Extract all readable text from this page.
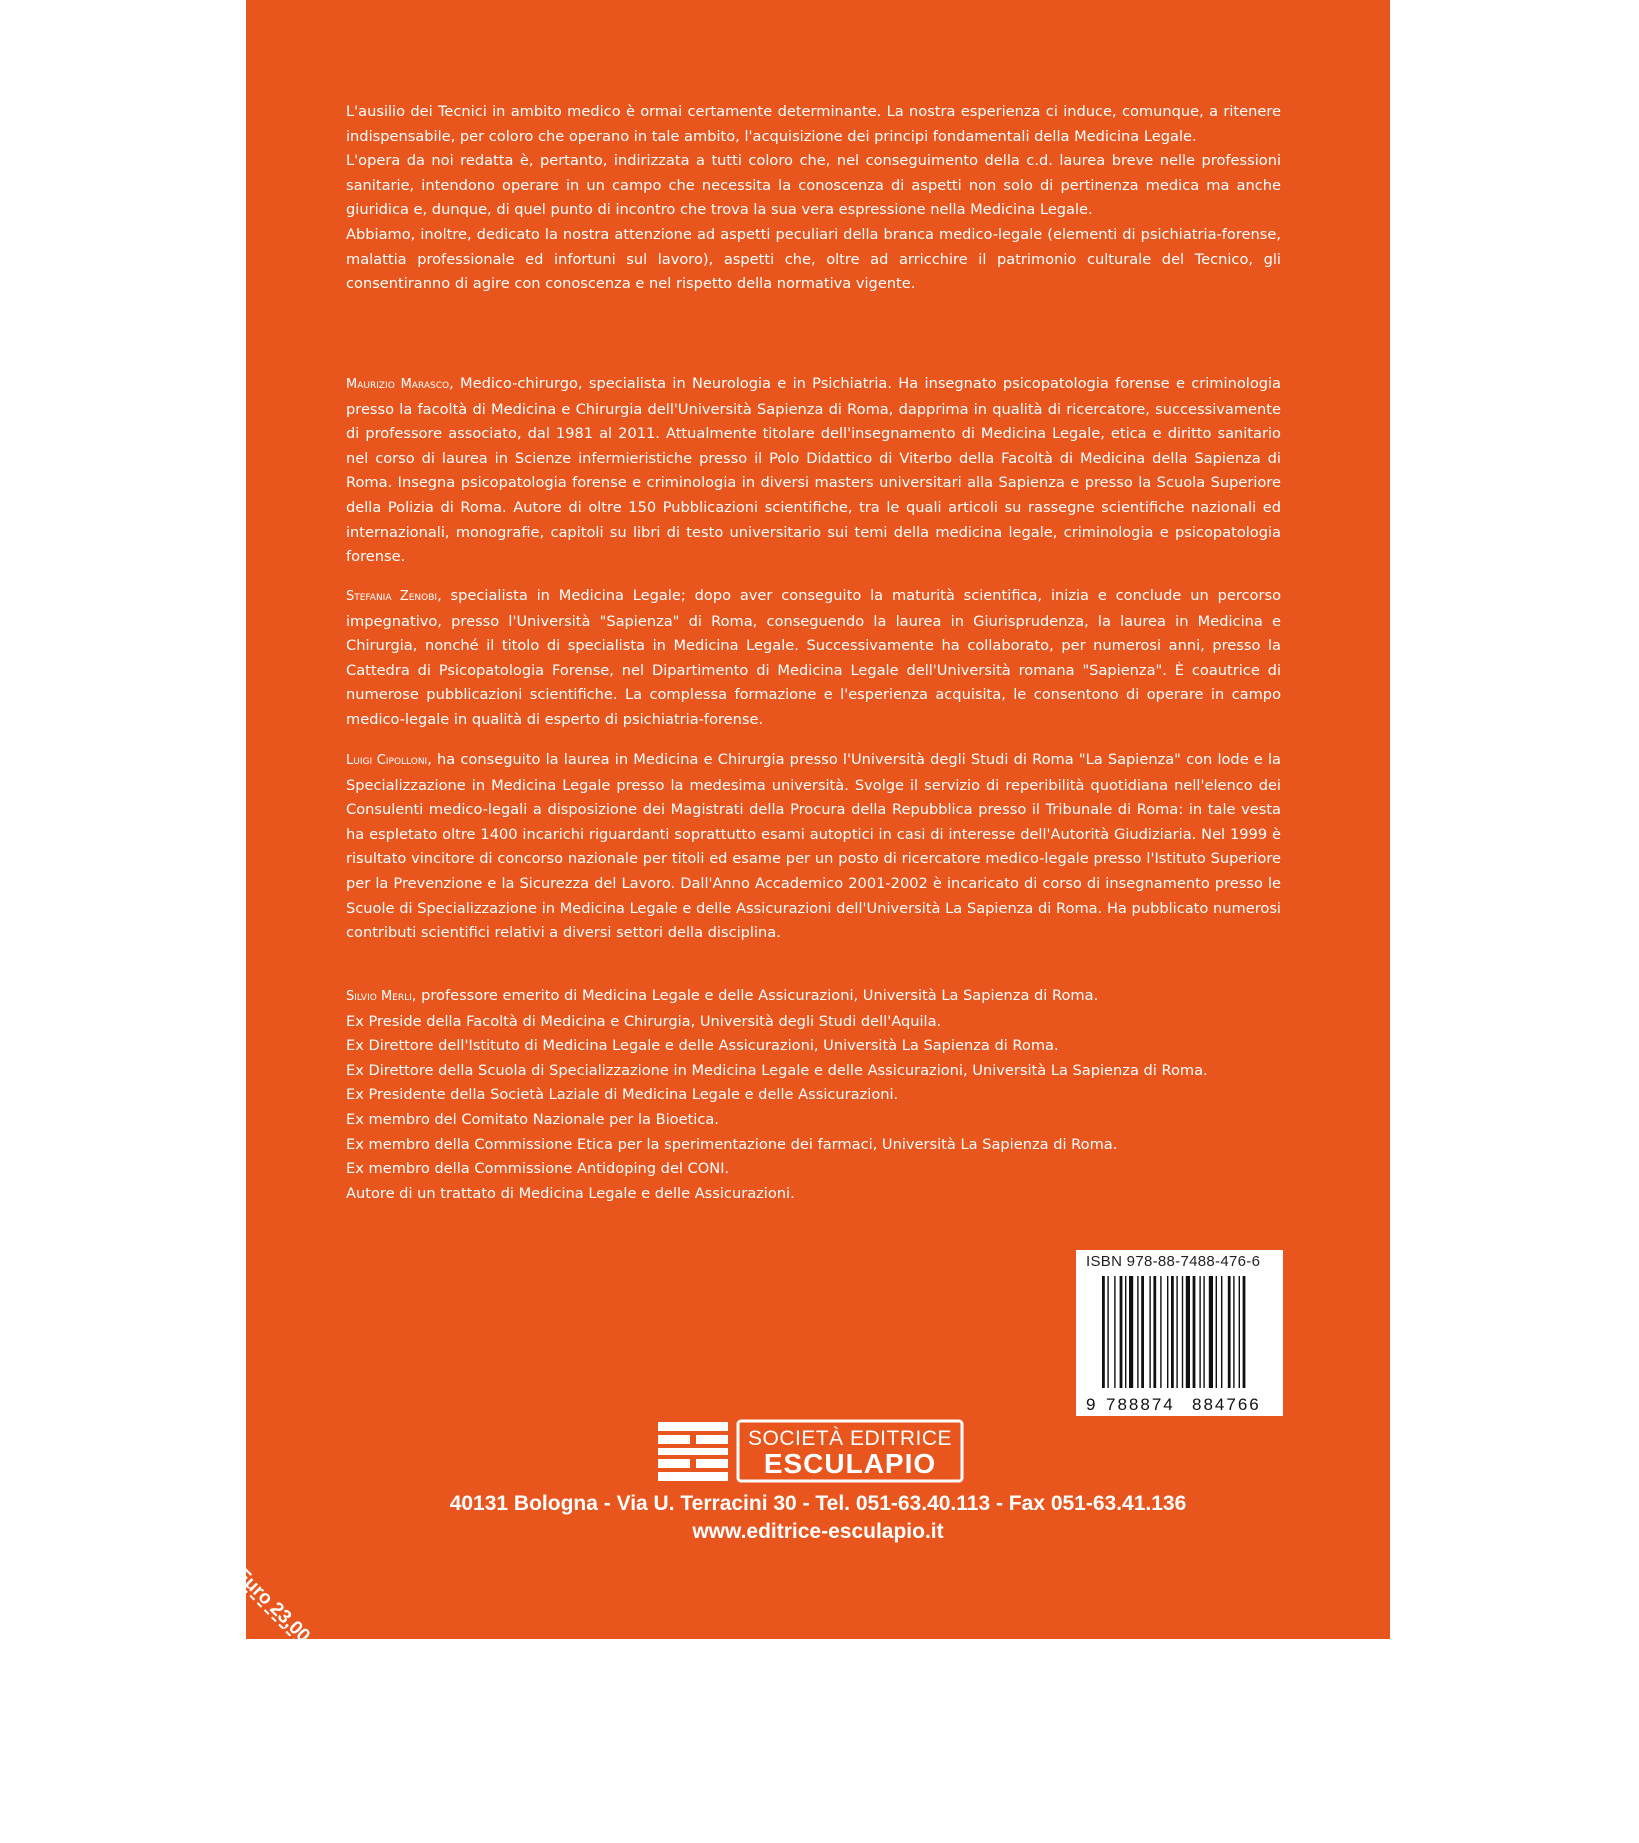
L'ausilio dei Tecnici in ambito medico è ormai certamente determinante. La nostra esperienza ci induce, comunque, a ritenere indispensabile, per coloro che operano in tale ambito, l'acquisizione dei principi fondamentali della Medicina Legale.

L'opera da noi redatta è, pertanto, indirizzata a tutti coloro che, nel conseguimento della c.d. laurea breve nelle professioni sanitarie, intendono operare in un campo che necessita la conoscenza di aspetti non solo di pertinenza medica ma anche giuridica e, dunque, di quel punto di incontro che trova la sua vera espressione nella Medicina Legale.

Abbiamo, inoltre, dedicato la nostra attenzione ad aspetti peculiari della branca medico-legale (elementi di psichiatria-forense, malattia professionale ed infortuni sul lavoro), aspetti che, oltre ad arricchire il patrimonio culturale del Tecnico, gli consentiranno di agire con conoscenza e nel rispetto della normativa vigente.

Maurizio Marasco, Medico-chirurgo, specialista in Neurologia e in Psichiatria. Ha insegnato psicopatologia forense e criminologia presso la facoltà di Medicina e Chirurgia dell'Università Sapienza di Roma, dapprima in qualità di ricercatore, successivamente di professore associato, dal 1981 al 2011. Attualmente titolare dell'insegnamento di Medicina Legale, etica e diritto sanitario nel corso di laurea in Scienze infermieristiche presso il Polo Didattico di Viterbo della Facoltà di Medicina della Sapienza di Roma. Insegna psicopatologia forense e criminologia in diversi masters universitari alla Sapienza e presso la Scuola Superiore della Polizia di Roma. Autore di oltre 150 Pubblicazioni scientifiche, tra le quali articoli su rassegne scientifiche nazionali ed internazionali, monografie, capitoli su libri di testo universitario sui temi della medicina legale, criminologia e psicopatologia forense.

Stefania Zenobi, specialista in Medicina Legale; dopo aver conseguito la maturità scientifica, inizia e conclude un percorso impegnativo, presso l'Università "Sapienza" di Roma, conseguendo la laurea in Giurisprudenza, la laurea in Medicina e Chirurgia, nonché il titolo di specialista in Medicina Legale. Successivamente ha collaborato, per numerosi anni, presso la Cattedra di Psicopatologia Forense, nel Dipartimento di Medicina Legale dell'Università romana "Sapienza". È coautrice di numerose pubblicazioni scientifiche. La complessa formazione e l'esperienza acquisita, le consentono di operare in campo medico-legale in qualità di esperto di psichiatria-forense.

Luigi Cipolloni, ha conseguito la laurea in Medicina e Chirurgia presso l'Università degli Studi di Roma "La Sapienza" con lode e la Specializzazione in Medicina Legale presso la medesima università. Svolge il servizio di reperibilità quotidiana nell'elenco dei Consulenti medico-legali a disposizione dei Magistrati della Procura della Repubblica presso il Tribunale di Roma: in tale vesta ha espletato oltre 1400 incarichi riguardanti soprattutto esami autoptici in casi di interesse dell'Autorità Giudiziaria. Nel 1999 è risultato vincitore di concorso nazionale per titoli ed esame per un posto di ricercatore medico-legale presso l'Istituto Superiore per la Prevenzione e la Sicurezza del Lavoro. Dall'Anno Accademico 2001-2002 è incaricato di corso di insegnamento presso le Scuole di Specializzazione in Medicina Legale e delle Assicurazioni dell'Università La Sapienza di Roma. Ha pubblicato numerosi contributi scientifici relativi a diversi settori della disciplina.

Silvio Merli, professore emerito di Medicina Legale e delle Assicurazioni, Università La Sapienza di Roma.

Ex Preside della Facoltà di Medicina e Chirurgia, Università degli Studi dell'Aquila.

Ex Direttore dell'Istituto di Medicina Legale e delle Assicurazioni, Università La Sapienza di Roma.

Ex Direttore della Scuola di Specializzazione in Medicina Legale e delle Assicurazioni, Università La Sapienza di Roma.

Ex Presidente della Società Laziale di Medicina Legale e delle Assicurazioni.

Ex membro del Comitato Nazionale per la Bioetica.

Ex membro della Commissione Etica per la sperimentazione dei farmaci, Università La Sapienza di Roma.

Ex membro della Commissione Antidoping del CONI.

Autore di un trattato di Medicina Legale e delle Assicurazioni.

ISBN 978-88-7488-476-6
9 788874 884766
SOCIETÀ EDITRICE
ESCULAPIO
40131 Bologna - Via U. Terracini 30 - Tel. 051-63.40.113 - Fax 051-63.41.136
www.editrice-esculapio.it
Euro 23,00
